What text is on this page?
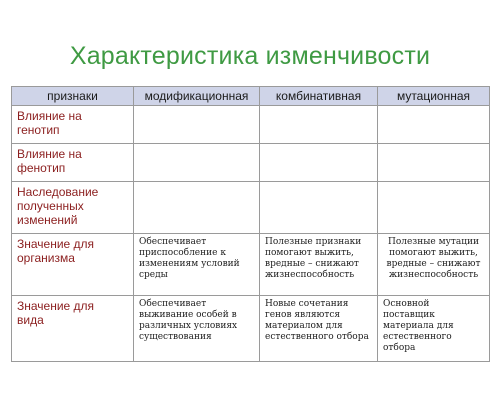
Характеристика изменчивости
признаки	модификационная	комбинативная	мутационная

Влияние на
генотип			

Влияние на
фенотип			

Наследование
полученных
изменений			

Значение для
организма	Обеспечивает
приспособление к
изменениям условий
среды	Полезные признаки
помогают выжить,
вредные – снижают
жизнеспособность	Полезные мутации
помогают выжить,
вредные – снижают
жизнеспособность

Значение для
вида	Обеспечивает
выживание особей в
различных условиях
существования	Новые сочетания
генов являются
материалом для
естественного отбора	Основной
поставщик
материала для
естественного
отбора
